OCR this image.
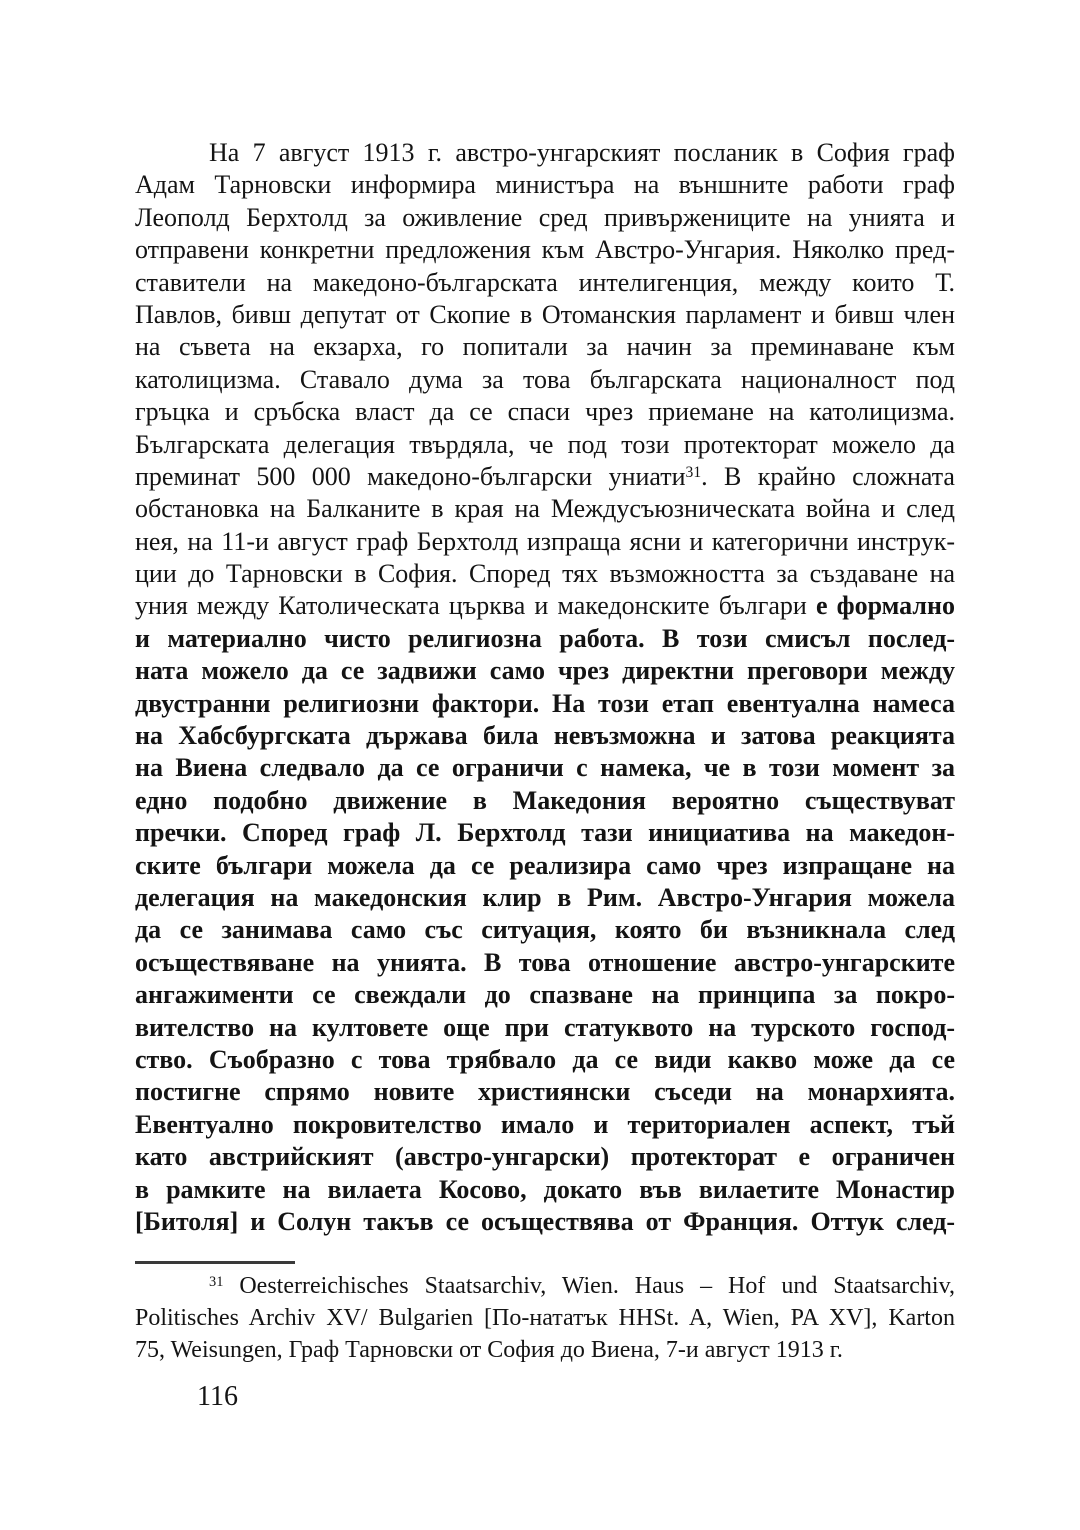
На 7 август 1913 г. австро-унгарският посланик в София граф
Адам Тарновски информира министъра на външните работи граф
Леополд Берхтолд за оживление сред привържениците на унията и
отправени конкретни предложения към Австро-Унгария. Няколко пред-
ставители на македоно-българската интелигенция, между които Т.
Павлов, бивш депутат от Скопие в Отоманския парламент и бивш член
на съвета на екзарха, го попитали за начин за преминаване към
католицизма. Ставало дума за това българската националност под
гръцка и сръбска власт да се спаси чрез приемане на католицизма.
Българската делегация твърдяла, че под този протекторат можело да
преминат 500 000 македоно-български униати$^{31}$. В крайно сложната
обстановка на Балканите в края на Междусъюзническата война и след
нея, на 11-и август граф Берхтолд изпраща ясни и категорични инструк-
ции до Тарновски в София. Според тях възможността за създаване на
уния между Католическата църква и македонските българи е формално
и материално чисто религиозна работа. В този смисъл послед-
ната можело да се задвижи само чрез директни преговори между
двустранни религиозни фактори. На този етап евентуална намеса
на Хабсбургската държава била невъзможна и затова реакцията
на Виена следвало да се ограничи с намека, че в този момент за
едно подобно движение в Македония вероятно съществуват
пречки. Според граф Л. Берхтолд тази инициатива на македон-
ските българи можела да се реализира само чрез изпращане на
делегация на македонския клир в Рим. Австро-Унгария можела
да се занимава само със ситуация, която би възникнала след
осъществяване на унията. В това отношение австро-унгарските
ангажименти се свеждали до спазване на принципа за покро-
вителство на култовете още при статуквото на турското господ-
ство. Съобразно с това трябвало да се види какво може да се
постигне спрямо новите християнски съседи на монархията.
Евентуално покровителство имало и териториален аспект, тъй
като австрийският (австро-унгарски) протекторат е ограничен
в рамките на вилаета Косово, докато във вилаетите Монастир
[Битоля] и Солун такъв се осъществява от Франция. Оттук след-
$^{31}$ Oesterreichisches Staatsarchiv, Wien. Haus – Hof und Staatsarchiv,
Politisches Archiv XV/ Bulgarien [По-нататък HHSt. A, Wien, PA XV], Karton
75, Weisungen, Граф Тарновски от София до Виена, 7-и август 1913 г.
116
